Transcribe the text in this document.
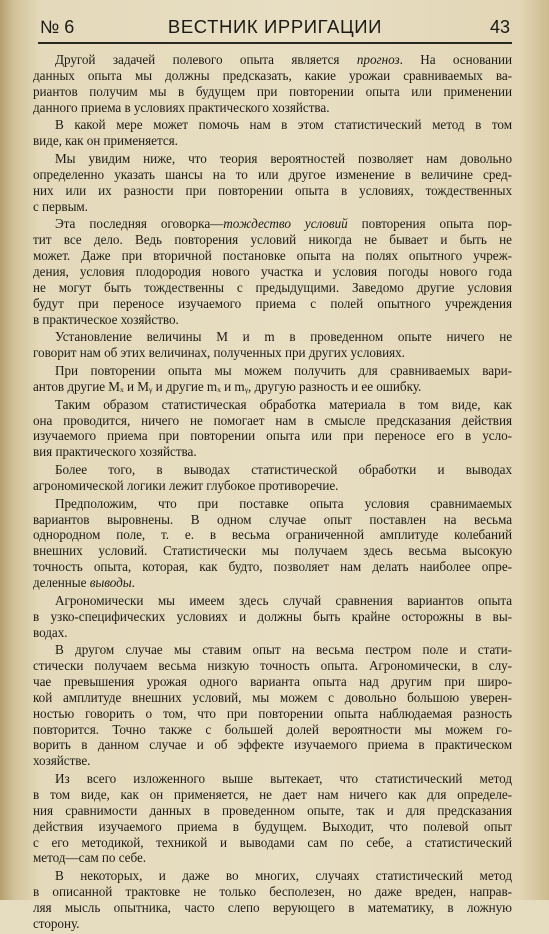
№ 6	ВЕСТНИК ИРРИГАЦИИ	43
Другой задачей полевого опыта является прогноз. На основании
данных опыта мы должны предсказать, какие урожаи сравниваемых ва-
риантов получим мы в будущем при повторении опыта или применении
данного приема в условиях практического хозяйства.
В какой мере может помочь нам в этом статистический метод в том
виде, как он применяется.
Мы увидим ниже, что теория вероятностей позволяет нам довольно
определенно указать шансы на то или другое изменение в величине сред-
них или их разности при повторении опыта в условиях, тождественных
с первым.
Эта последняя оговорка—тождество условий повторения опыта пор-
тит все дело. Ведь повторения условий никогда не бывает и быть не
может. Даже при вторичной постановке опыта на полях опытного учреж-
дения, условия плодородия нового участка и условия погоды нового года
не могут быть тождественны с предыдущими. Заведомо другие условия
будут при переносе изучаемого приема с полей опытного учреждения
в практическое хозяйство.
Установление величины M и m в проведенном опыте ничего не
говорит нам об этих величинах, полученных при других условиях.
При повторении опыта мы можем получить для сравниваемых вари-
антов другие Mₓ и Mᵧ и другие mₓ и mᵧ, другую разность и ее ошибку.
Таким образом статистическая обработка материала в том виде, как
она проводится, ничего не помогает нам в смысле предсказания действия
изучаемого приема при повторении опыта или при переносе его в усло-
вия практического хозяйства.
Более того, в выводах статистической обработки и выводах
агрономической логики лежит глубокое противоречие.
Предположим, что при поставке опыта условия сравнимаемых
вариантов выровнены. В одном случае опыт поставлен на весьма
однородном поле, т. е. в весьма ограниченной амплитуде колебаний
внешних условий. Статистически мы получаем здесь весьма высокую
точность опыта, которая, как будто, позволяет нам делать наиболее опре-
деленные выводы.
Агрономически мы имеем здесь случай сравнения вариантов опыта
в узко-специфических условиях и должны быть крайне осторожны в вы-
водах.
В другом случае мы ставим опыт на весьма пестром поле и стати-
стически получаем весьма низкую точность опыта. Агрономически, в слу-
чае превышения урожая одного варианта опыта над другим при широ-
кой амплитуде внешних условий, мы можем с довольно большою уверен-
ностью говорить о том, что при повторении опыта наблюдаемая разность
повторится. Точно также с большей долей вероятности мы можем го-
ворить в данном случае и об эффекте изучаемого приема в практическом
хозяйстве.
Из всего изложенного выше вытекает, что статистический метод
в том виде, как он применяется, не дает нам ничего как для определе-
ния сравнимости данных в проведенном опыте, так и для предсказания
действия изучаемого приема в будущем. Выходит, что полевой опыт
с его методикой, техникой и выводами сам по себе, а статистический
метод—сам по себе.
В некоторых, и даже во многих, случаях статистический метод
в описанной трактовке не только бесполезен, но даже вреден, направ-
ляя мысль опытника, часто слепо верующего в математику, в ложную
сторону.
